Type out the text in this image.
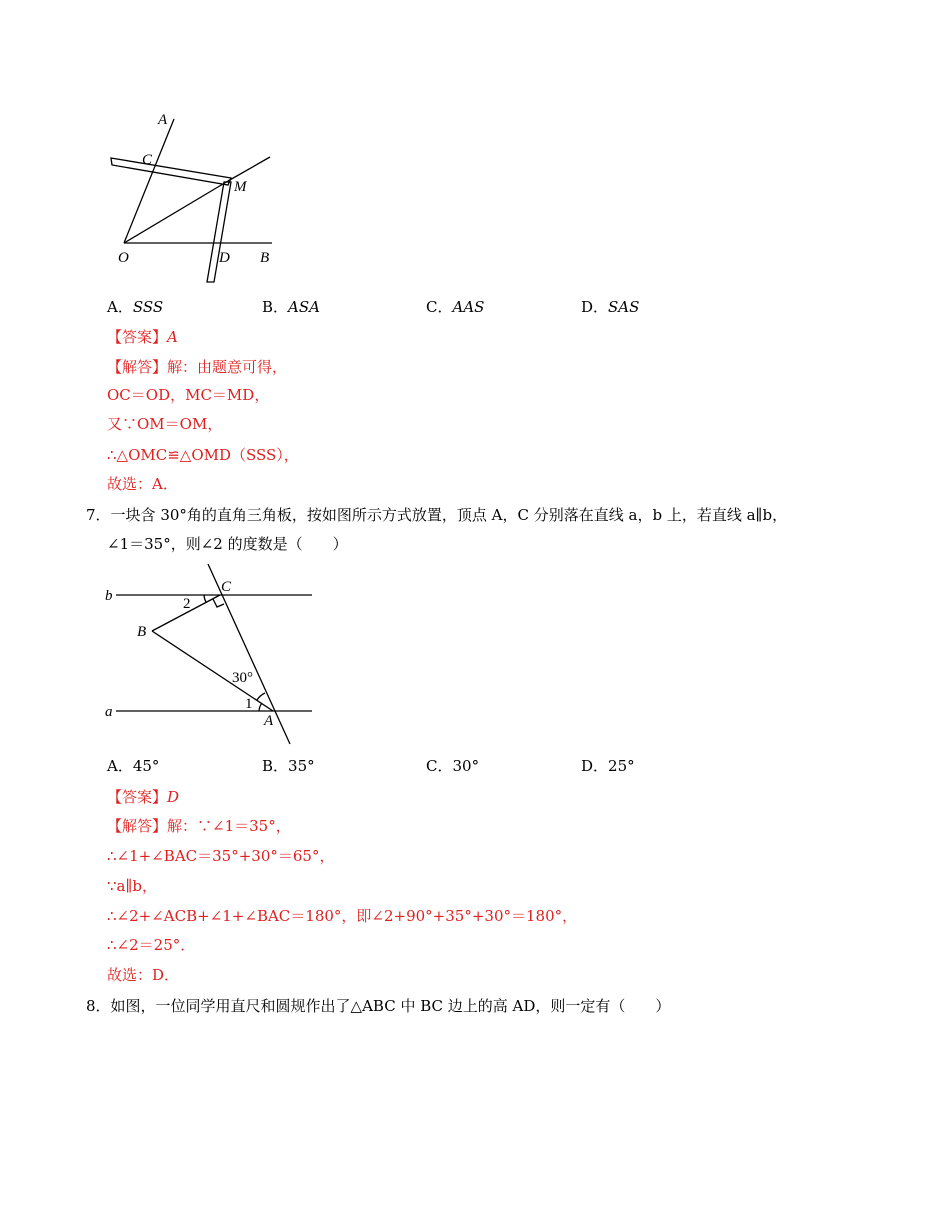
A
C
M
O	D B
A．SSS	B．ASA	C．AAS	D．SAS
【答案】A
【解答】解：由题意可得，
OC＝OD，MC＝MD，
又∵OM＝OM，
∴△OMC≌△OMD（SSS），
故选：A．
7．一块含 30°角的直角三角板，按如图所示方式放置，顶点 A，C 分别落在直线 a，b 上，若直线 a∥b，
∠1＝35°，则∠2 的度数是（　　）
b
C
2
B
30°
a	1
A
A．45°	B．35°	C．30°	D．25°
【答案】D
【解答】解：∵∠1＝35°，
∴∠1+∠BAC＝35°+30°＝65°，
∵a∥b，
∴∠2+∠ACB+∠1+∠BAC＝180°，即∠2+90°+35°+30°＝180°，
∴∠2＝25°．
故选：D．
8．如图，一位同学用直尺和圆规作出了△ABC 中 BC 边上的高 AD，则一定有（　　）
